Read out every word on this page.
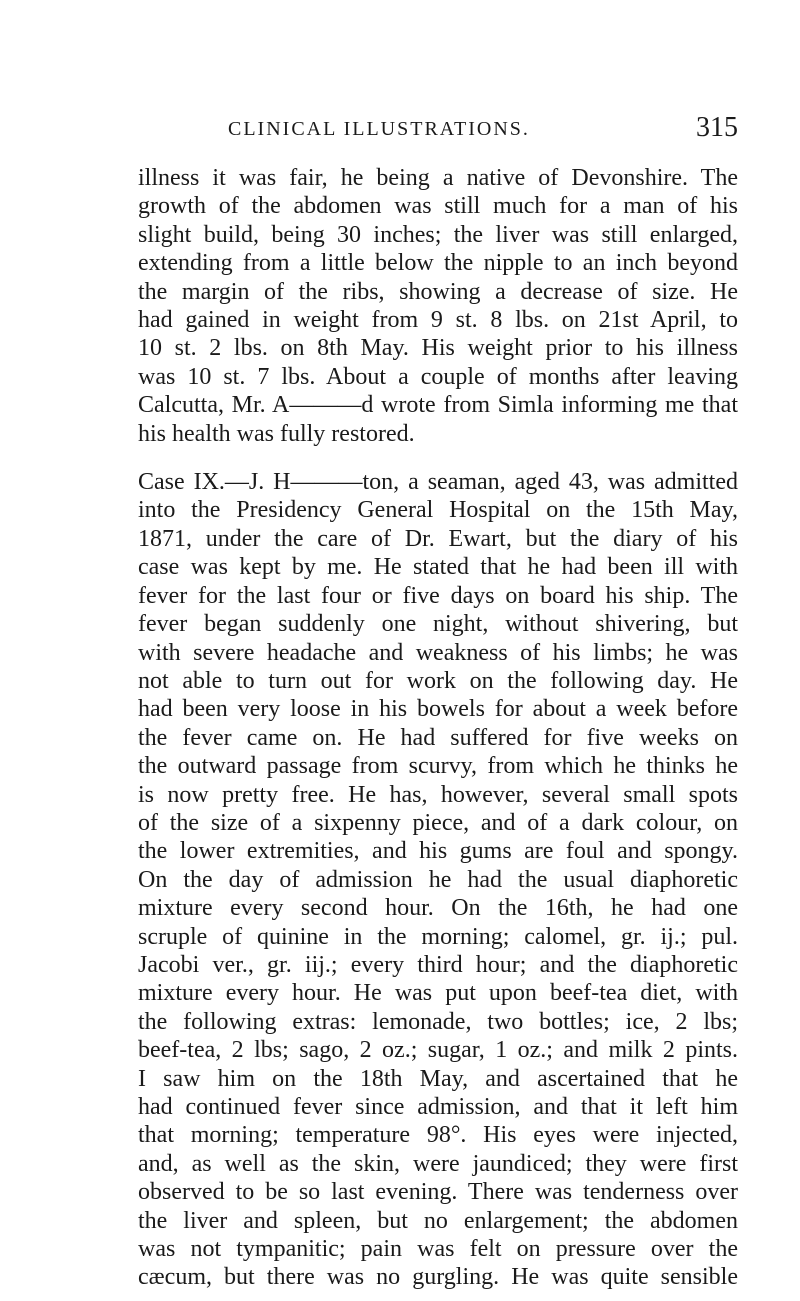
CLINICAL ILLUSTRATIONS.	315

illness it was fair, he being a native of Devonshire. The
growth of the abdomen was still much for a man of his
slight build, being 30 inches; the liver was still enlarged,
extending from a little below the nipple to an inch beyond
the margin of the ribs, showing a decrease of size. He
had gained in weight from 9 st. 8 lbs. on 21st April, to
10 st. 2 lbs. on 8th May. His weight prior to his illness
was 10 st. 7 lbs. About a couple of months after leaving
Calcutta, Mr. A———d wrote from Simla informing me that
his health was fully restored.

Case IX.—J. H———ton, a seaman, aged 43, was admitted
into the Presidency General Hospital on the 15th May,
1871, under the care of Dr. Ewart, but the diary of his
case was kept by me. He stated that he had been ill with
fever for the last four or five days on board his ship. The
fever began suddenly one night, without shivering, but
with severe headache and weakness of his limbs; he was
not able to turn out for work on the following day. He
had been very loose in his bowels for about a week before
the fever came on. He had suffered for five weeks on
the outward passage from scurvy, from which he thinks he
is now pretty free. He has, however, several small spots
of the size of a sixpenny piece, and of a dark colour, on
the lower extremities, and his gums are foul and spongy.
On the day of admission he had the usual diaphoretic
mixture every second hour. On the 16th, he had one
scruple of quinine in the morning; calomel, gr. ij.; pul.
Jacobi ver., gr. iij.; every third hour; and the diaphoretic
mixture every hour. He was put upon beef-tea diet, with
the following extras: lemonade, two bottles; ice, 2 lbs;
beef-tea, 2 lbs; sago, 2 oz.; sugar, 1 oz.; and milk 2 pints.
I saw him on the 18th May, and ascertained that he
had continued fever since admission, and that it left him
that morning; temperature 98°. His eyes were injected,
and, as well as the skin, were jaundiced; they were first
observed to be so last evening. There was tenderness over
the liver and spleen, but no enlargement; the abdomen
was not tympanitic; pain was felt on pressure over the
cæcum, but there was no gurgling. He was quite sensible
